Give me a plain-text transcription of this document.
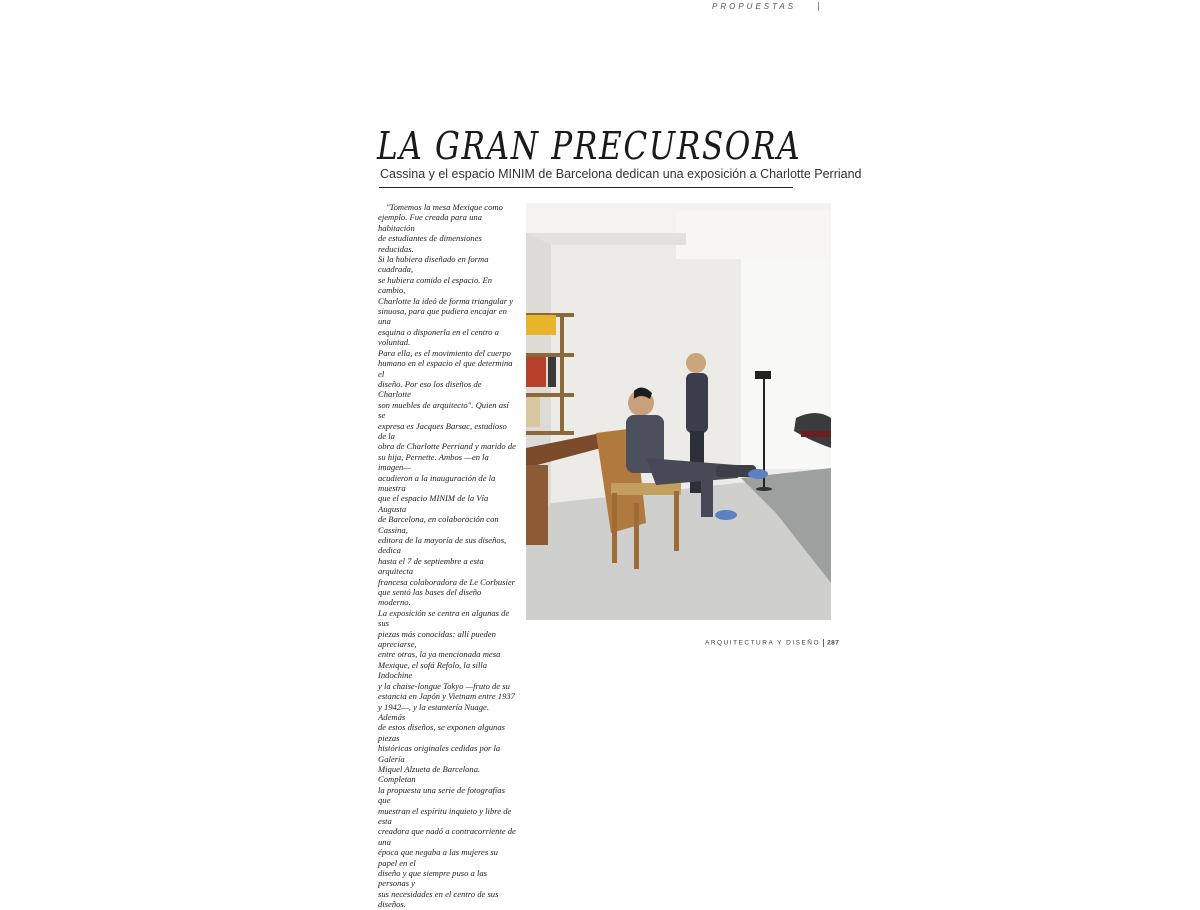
PROPUESTAS
LA GRAN PRECURSORA
Cassina y el espacio MINIM de Barcelona dedican una exposición a Charlotte Perriand

"Tomemos la mesa Mexique como

ejemplo. Fue creada para una habitación

de estudiantes de dimensiones reducidas.

Si la hubiera diseñado en forma cuadrada,

se hubiera comido el espacio. En cambio,

Charlotte la ideó de forma triangular y

sinuosa, para que pudiera encajar en una

esquina o disponerla en el centro a voluntad.

Para ella, es el movimiento del cuerpo

humano en el espacio el que determina el

diseño. Por eso los diseños de Charlotte

son muebles de arquitecto". Quien así se

expresa es Jacques Barsac, estudioso de la

obra de Charlotte Perriand y marido de

su hija, Pernette. Ambos —en la imagen—

acudieron a la inauguración de la muestra

que el espacio MINIM de la Vía Augusta

de Barcelona, en colaboración con Cassina,

editora de la mayoría de sus diseños, dedica

hasta el 7 de septiembre a esta arquitecta

francesa colaboradora de Le Corbusier

que sentó las bases del diseño moderno.

La exposición se centra en algunas de sus

piezas más conocidas: allí pueden apreciarse,

entre otras, la ya mencionada mesa

Mexique, el sofá Refolo, la silla Indochine

y la chaise-longue Tokyo —fruto de su

estancia en Japón y Vietnam entre 1937

y 1942—, y la estantería Nuage. Además

de estos diseños, se exponen algunas piezas

históricas originales cedidas por la Galería

Miquel Alzueta de Barcelona. Completan

la propuesta una serie de fotografías que

muestran el espíritu inquieto y libre de esta

creadora que nadó a contracorriente de una

época que negaba a las mujeres su papel en el

diseño y que siempre puso a las personas y

sus necesidades en el centro de sus diseños.

ARQUITECTURA Y DISEÑO 287
